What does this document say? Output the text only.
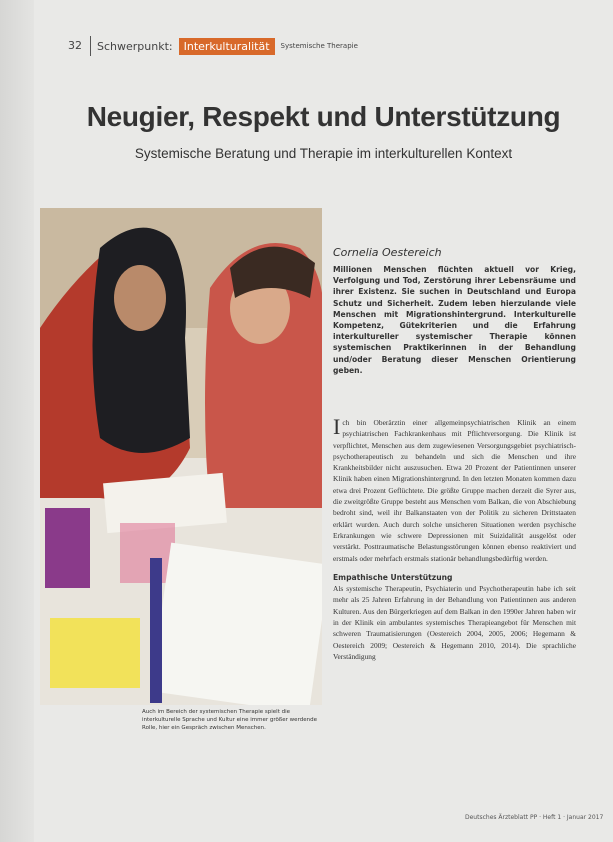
32	Schwerpunkt:	Interkulturalität	Systemische Therapie
Neugier, Respekt und Unterstützung
Systemische Beratung und Therapie im interkulturellen Kontext
Auch im Bereich der systemischen Therapie spielt die interkulturelle Sprache und Kultur eine immer größer werdende Rolle, hier ein Gespräch zwischen Menschen.
Cornelia Oestereich
Millionen Menschen flüchten aktuell vor Krieg, Verfolgung und Tod, Zerstörung ihrer Lebensräume und ihrer Existenz. Sie suchen in Deutschland und Europa Schutz und Sicherheit. Zudem leben hierzulande viele Menschen mit Migrationshintergrund. Interkulturelle Kompetenz, Gütekriterien und die Erfahrung interkultureller systemischer Therapie können systemischen Praktikerinnen in der Behandlung und/oder Beratung dieser Menschen Orientierung geben.

Ich bin Oberärztin einer allgemeinpsychiatrischen Klinik an einem psychiatrischen Fachkrankenhaus mit Pflichtversorgung. Die Klinik ist verpflichtet, Menschen aus dem zugewiesenen Versorgungsgebiet psychiatrisch-psychotherapeutisch zu behandeln und sich die Menschen und ihre Krankheitsbilder nicht auszusuchen. Etwa 20 Prozent der Patientinnen unserer Klinik haben einen Migrationshintergrund. In den letzten Monaten kommen dazu etwa drei Prozent Geflüchtete. Die größte Gruppe machen derzeit die Syrer aus, die zweitgrößte Gruppe besteht aus Menschen vom Balkan, die von Abschiebung bedroht sind, weil ihr Balkanstaaten von der Politik zu sicheren Drittstaaten erklärt wurden. Auch durch solche unsicheren Situationen werden psychische Erkrankungen wie schwere Depressionen mit Suizidalität ausgelöst oder verstärkt. Posttraumatische Belastungsstörungen können ebenso reaktiviert und erstmals oder mehrfach erstmals stationär behandlungsbedürftig werden.

Empathische Unterstützung

Als systemische Therapeutin, Psychiaterin und Psychotherapeutin habe ich seit mehr als 25 Jahren Erfahrung in der Behandlung von Patientinnen aus anderen Kulturen. Aus den Bürgerkriegen auf dem Balkan in den 1990er Jahren haben wir in der Klinik ein ambulantes systemisches Therapieangebot für Menschen mit schweren Traumatisierungen (Oestereich 2004, 2005, 2006; Hegemann & Oestereich 2009; Oestereich & Hegemann 2010, 2014). Die sprachliche Verständigung

Deutsches Ärzteblatt PP · Heft 1 · Januar 2017
